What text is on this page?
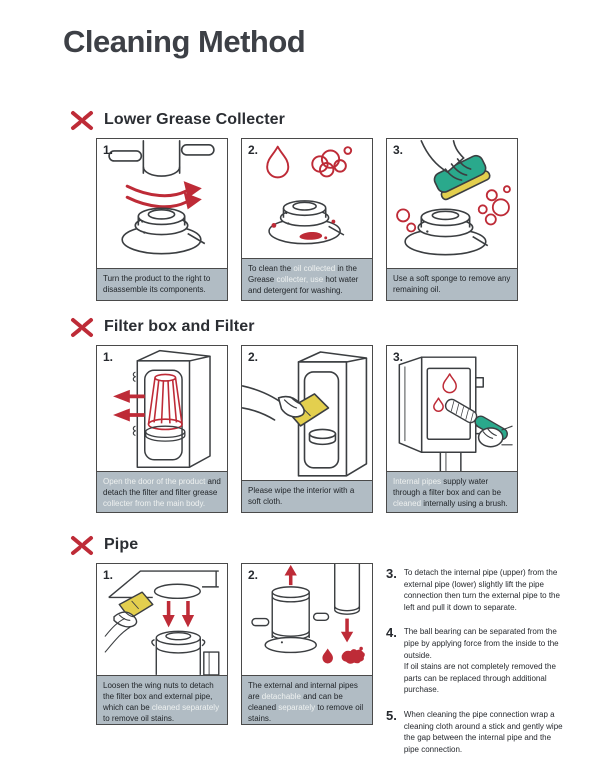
Cleaning Method
Lower Grease Collecter
1.
Turn the product to the right to disassemble its components.
2.
To clean the oil collected in the Grease collecter, use hot water and detergent for washing.
3.
Use a soft sponge to remove any remaining oil.
Filter box and Filter
1.
Open the door of the product and detach the filter and filter grease collecter from the main body.
2.
Please wipe the interior with a soft cloth.
3.
Internal pipes supply water through a filter box and can be cleaned internally using a brush.
Pipe
1.
Loosen the wing nuts to detach the filter box and external pipe, which can be cleaned separately to remove oil stains.
2.
The external and internal pipes are detachable and can be cleaned separately to remove oil stains.
3. To detach the internal pipe (upper) from the external pipe (lower) slightly lift the pipe connection then turn the external pipe to the left and pull it down to separate.

4. The ball bearing can be separated from the pipe by applying force from the inside to the outside.
If oil stains are not completely removed the parts can be replaced through additional purchase.

5. When cleaning the pipe connection wrap a cleaning cloth around a stick and gently wipe the gap between the internal pipe and the pipe connection.
